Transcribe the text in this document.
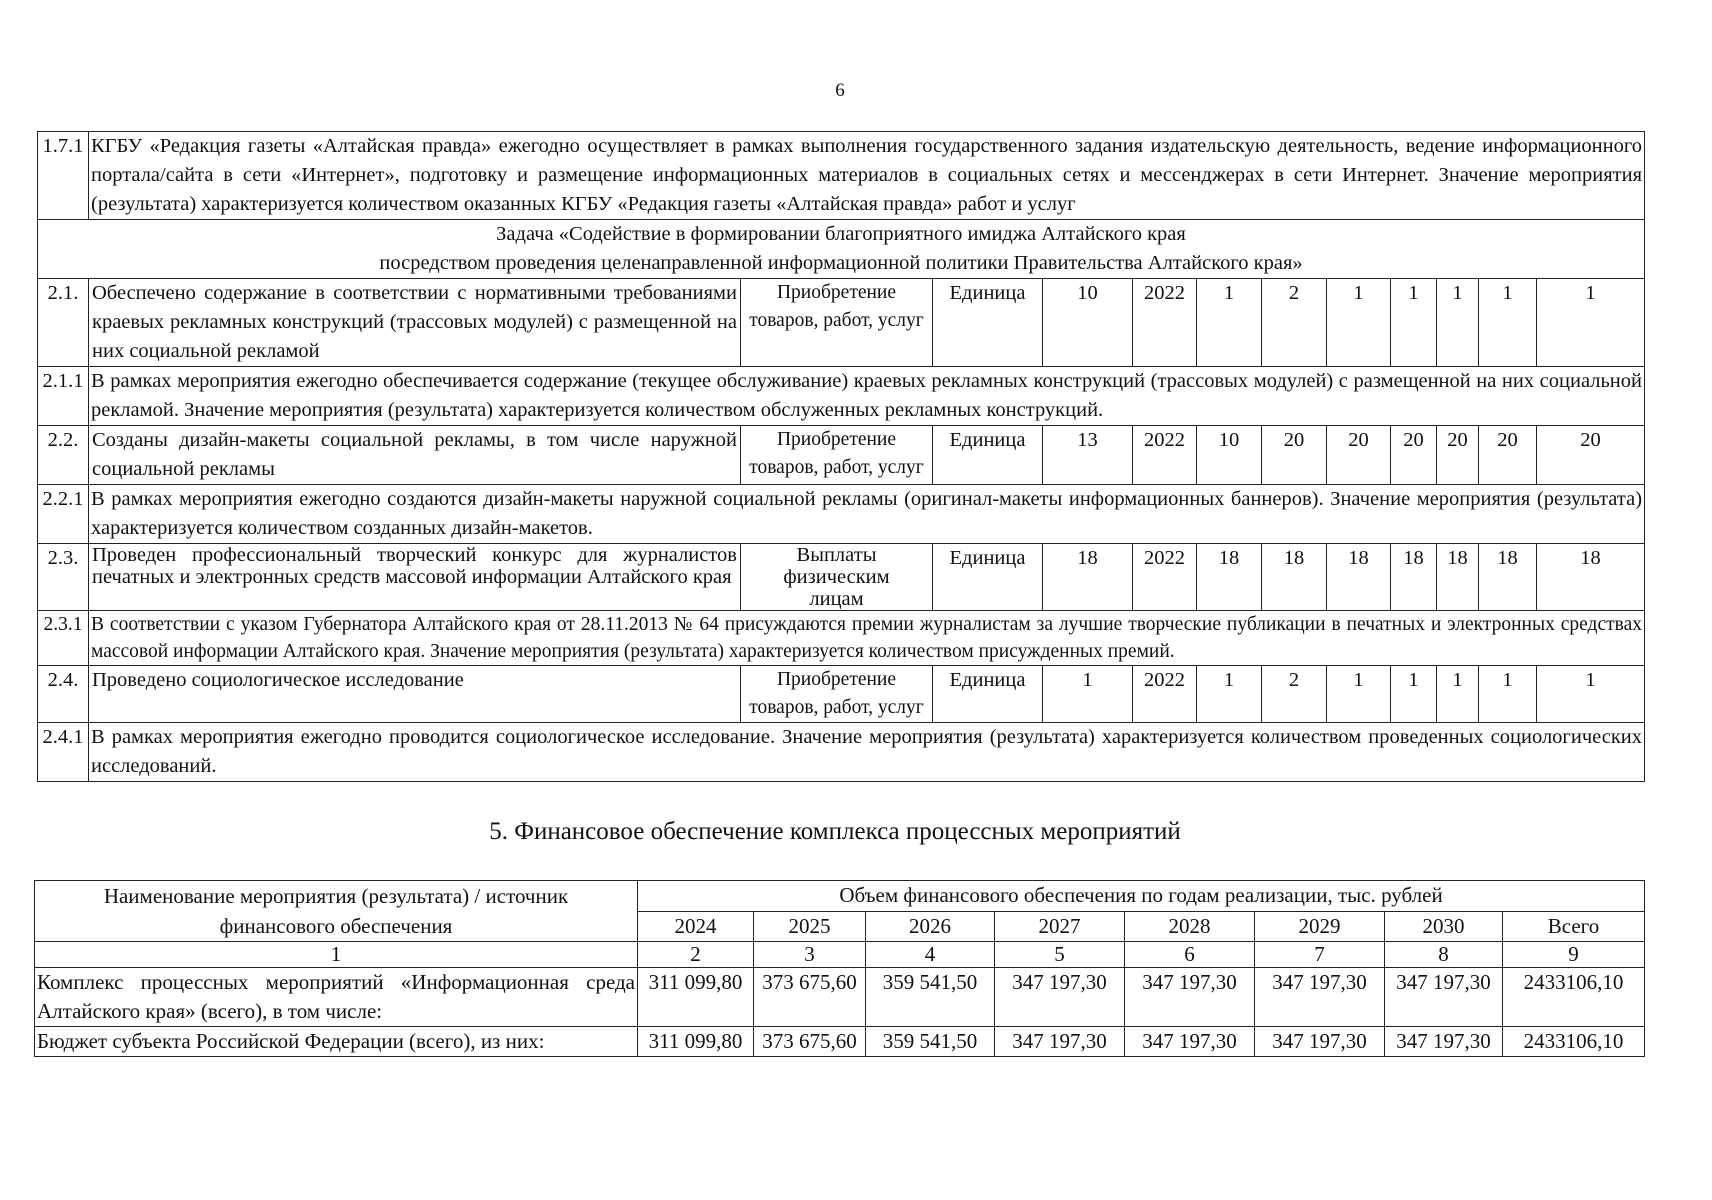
6
1.7.1	КГБУ «Редакция газеты «Алтайская правда» ежегодно осуществляет в рамках выполнения государственного задания издательскую деятельность, ведение информационного портала/сайта в сети «Интернет», подготовку и размещение информационных материалов в социальных сетях и мессенджерах в сети Интернет. Значение мероприятия (результата) характеризуется количеством оказанных КГБУ «Редакция газеты «Алтайская правда» работ и услуг											

Задача «Содействие в формировании благоприятного имиджа Алтайского края
посредством проведения целенаправленной информационной политики Правительства Алтайского края»												

2.1.	Обеспечено содержание в соответствии с нормативными требованиями краевых рекламных конструкций (трассовых модулей) с размещенной на них социальной рекламой	Приобретение товаров, работ, услуг	Единица	10	2022	1	2	1	1	1	1	1
2.1.1	В рамках мероприятия ежегодно обеспечивается содержание (текущее обслуживание) краевых рекламных конструкций (трассовых модулей) с размещенной на них социальной рекламой. Значение мероприятия (результата) характеризуется количеством обслуженных рекламных конструкций.											
2.2.	Созданы дизайн-макеты социальной рекламы, в том числе наружной социальной рекламы	Приобретение товаров, работ, услуг	Единица	13	2022	10	20	20	20	20	20	20
2.2.1	В рамках мероприятия ежегодно создаются дизайн-макеты наружной социальной рекламы (оригинал-макеты информационных баннеров). Значение мероприятия (результата) характеризуется количеством созданных дизайн-макетов.											
2.3.	Проведен профессиональный творческий конкурс для журналистов печатных и электронных средств массовой информации Алтайского края	Выплаты физическим лицам	Единица	18	2022	18	18	18	18	18	18	18
2.3.1	В соответствии с указом Губернатора Алтайского края от 28.11.2013 № 64 присуждаются премии журналистам за лучшие творческие публикации в печатных и электронных средствах массовой информации Алтайского края. Значение мероприятия (результата) характеризуется количеством присужденных премий.											
2.4.	Проведено социологическое исследование	Приобретение товаров, работ, услуг	Единица	1	2022	1	2	1	1	1	1	1
2.4.1	В рамках мероприятия ежегодно проводится социологическое исследование. Значение мероприятия (результата) характеризуется количеством проведенных социологических исследований.											
5. Финансовое обеспечение комплекса процессных мероприятий
Наименование мероприятия (результата) / источник финансового обеспечения	Объем финансового обеспечения по годам реализации, тыс. рублей							
	2024	2025	2026	2027	2028	2029	2030	Всего
1	2	3	4	5	6	7	8	9
Комплекс процессных мероприятий «Информационная среда Алтайского края» (всего), в том числе:	311 099,80	373 675,60	359 541,50	347 197,30	347 197,30	347 197,30	347 197,30	2433106,10
Бюджет субъекта Российской Федерации (всего), из них:	311 099,80	373 675,60	359 541,50	347 197,30	347 197,30	347 197,30	347 197,30	2433106,10
